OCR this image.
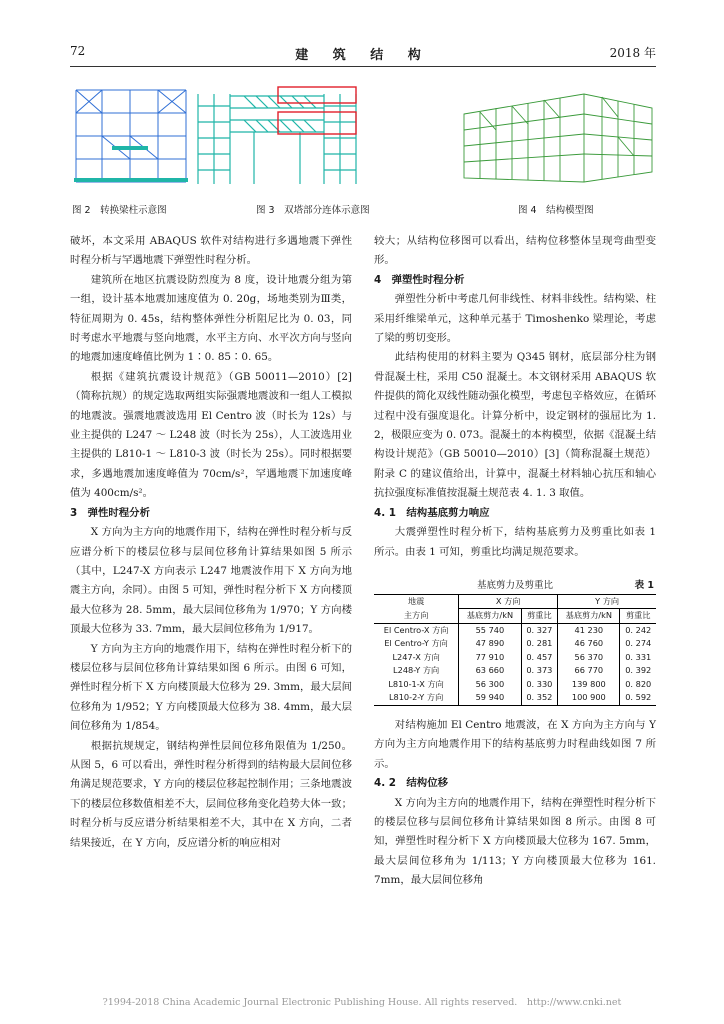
72	建 筑 结 构	2018 年
图 2　转换梁柱示意图	图 3　双塔部分连体示意图	图 4　结构模型图

破坏，本文采用 ABAQUS 软件对结构进行多遇地震下弹性时程分析与罕遇地震下弹塑性时程分析。

建筑所在地区抗震设防烈度为 8 度，设计地震分组为第一组，设计基本地震加速度值为 0. 20g，场地类别为Ⅲ类，特征周期为 0. 45s，结构整体弹性分析阻尼比为 0. 03，同时考虑水平地震与竖向地震，水平主方向、水平次方向与竖向的地震加速度峰值比例为 1∶0. 85∶0. 65。

根据《建筑抗震设计规范》（GB 50011—2010）[2]（简称抗规）的规定选取两组实际强震地震波和一组人工模拟的地震波。强震地震波选用 El Centro 波（时长为 12s）与业主提供的 L247 ～ L248 波（时长为 25s），人工波选用业主提供的 L810-1 ～ L810-3 波（时长为 25s）。同时根据要求，多遇地震加速度峰值为 70cm/s²，罕遇地震下加速度峰值为 400cm/s²。

3　弹性时程分析

X 方向为主方向的地震作用下，结构在弹性时程分析与反应谱分析下的楼层位移与层间位移角计算结果如图 5 所示（其中，L247-X 方向表示 L247 地震波作用下 X 方向为地震主方向，余同）。由图 5 可知，弹性时程分析下 X 方向楼顶最大位移为 28. 5mm，最大层间位移角为 1/970；Y 方向楼顶最大位移为 33. 7mm，最大层间位移角为 1/917。

Y 方向为主方向的地震作用下，结构在弹性时程分析下的楼层位移与层间位移角计算结果如图 6 所示。由图 6 可知，弹性时程分析下 X 方向楼顶最大位移为 29. 3mm，最大层间位移角为 1/952；Y 方向楼顶最大位移为 38. 4mm，最大层间位移角为 1/854。

根据抗规规定，钢结构弹性层间位移角限值为 1/250。从图 5，6 可以看出，弹性时程分析得到的结构最大层间位移角满足规范要求，Y 方向的楼层位移起控制作用；三条地震波下的楼层位移数值相差不大，层间位移角变化趋势大体一致；时程分析与反应谱分析结果相差不大，其中在 X 方向，二者结果接近，在 Y 方向，反应谱分析的响应相对

较大；从结构位移图可以看出，结构位移整体呈现弯曲型变形。

4　弹塑性时程分析

弹塑性分析中考虑几何非线性、材料非线性。结构梁、柱采用纤维梁单元，这种单元基于 Timoshenko 梁理论，考虑了梁的剪切变形。

此结构使用的材料主要为 Q345 钢材，底层部分柱为钢骨混凝土柱，采用 C50 混凝土。本文钢材采用 ABAQUS 软件提供的简化双线性随动强化模型，考虑包辛格效应，在循环过程中没有强度退化。计算分析中，设定钢材的强屈比为 1. 2，极限应变为 0. 073。混凝土的本构模型，依据《混凝土结构设计规范》（GB 50010—2010）[3]（简称混凝土规范）附录 C 的建议值给出，计算中，混凝土材料轴心抗压和轴心抗拉强度标准值按混凝土规范表 4. 1. 3 取值。

4. 1　结构基底剪力响应

大震弹塑性时程分析下，结构基底剪力及剪重比如表 1 所示。由表 1 可知，剪重比均满足规范要求。

基底剪力及剪重比	表 1
地震
主方向	X 方向		Y 方向	
	基底剪力/kN	剪重比	基底剪力/kN	剪重比
El Centro-X 方向	55 740	0. 327	41 230	0. 242
El Centro-Y 方向	47 890	0. 281	46 760	0. 274
L247-X 方向	77 910	0. 457	56 370	0. 331
L248-Y 方向	63 660	0. 373	66 770	0. 392
L810-1-X 方向	56 300	0. 330	139 800	0. 820
L810-2-Y 方向	59 940	0. 352	100 900	0. 592

对结构施加 El Centro 地震波，在 X 方向为主方向与 Y 方向为主方向地震作用下的结构基底剪力时程曲线如图 7 所示。

4. 2　结构位移

X 方向为主方向的地震作用下，结构在弹塑性时程分析下的楼层位移与层间位移角计算结果如图 8 所示。由图 8 可知，弹塑性时程分析下 X 方向楼顶最大位移为 167. 5mm，最大层间位移角为 1/113；Y 方向楼顶最大位移为 161. 7mm，最大层间位移角

?1994-2018 China Academic Journal Electronic Publishing House. All rights reserved.　http://www.cnki.net
